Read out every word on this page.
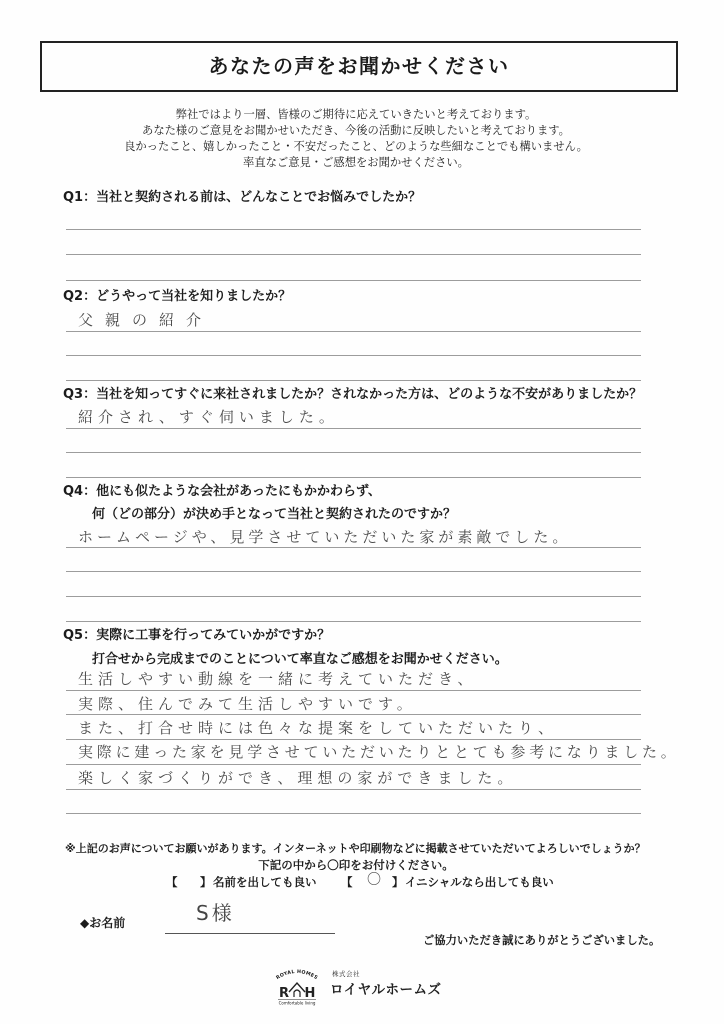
あなたの声をお聞かせください
弊社ではより一層、皆様のご期待に応えていきたいと考えております。
あなた様のご意見をお聞かせいただき、今後の活動に反映したいと考えております。
良かったこと、嬉しかったこと・不安だったこと、どのような些細なことでも構いません。
率直なご意見・ご感想をお聞かせください。
Q1：当社と契約される前は、どんなことでお悩みでしたか？
Q2：どうやって当社を知りましたか？
父親の紹介
Q3：当社を知ってすぐに来社されましたか？されなかった方は、どのような不安がありましたか？
紹介され、すぐ伺いました。
Q4：他にも似たような会社があったにもかかわらず、
何（どの部分）が決め手となって当社と契約されたのですか？
ホームページや、見学させていただいた家が素敵でした。
Q5：実際に工事を行ってみていかがですか？
打合せから完成までのことについて率直なご感想をお聞かせください。
生活しやすい動線を一緒に考えていただき、
実際、住んでみて生活しやすいです。
また、打合せ時には色々な提案をしていただいたり、
実際に建った家を見学させていただいたりととても参考になりました。
楽しく家づくりができ、理想の家ができました。
※上記のお声についてお願いがあります。インターネットや印刷物などに掲載させていただいてよろしいでしょうか？
下記の中から〇印をお付けください。
【 】 名前を出しても良い 【 〇 】 イニシャルなら出しても良い
◆お名前	S様
ご協力いただき誠にありがとうございました。
ROYAL HOMES
R H
Comfortable living
株式会社
ロイヤルホームズ
